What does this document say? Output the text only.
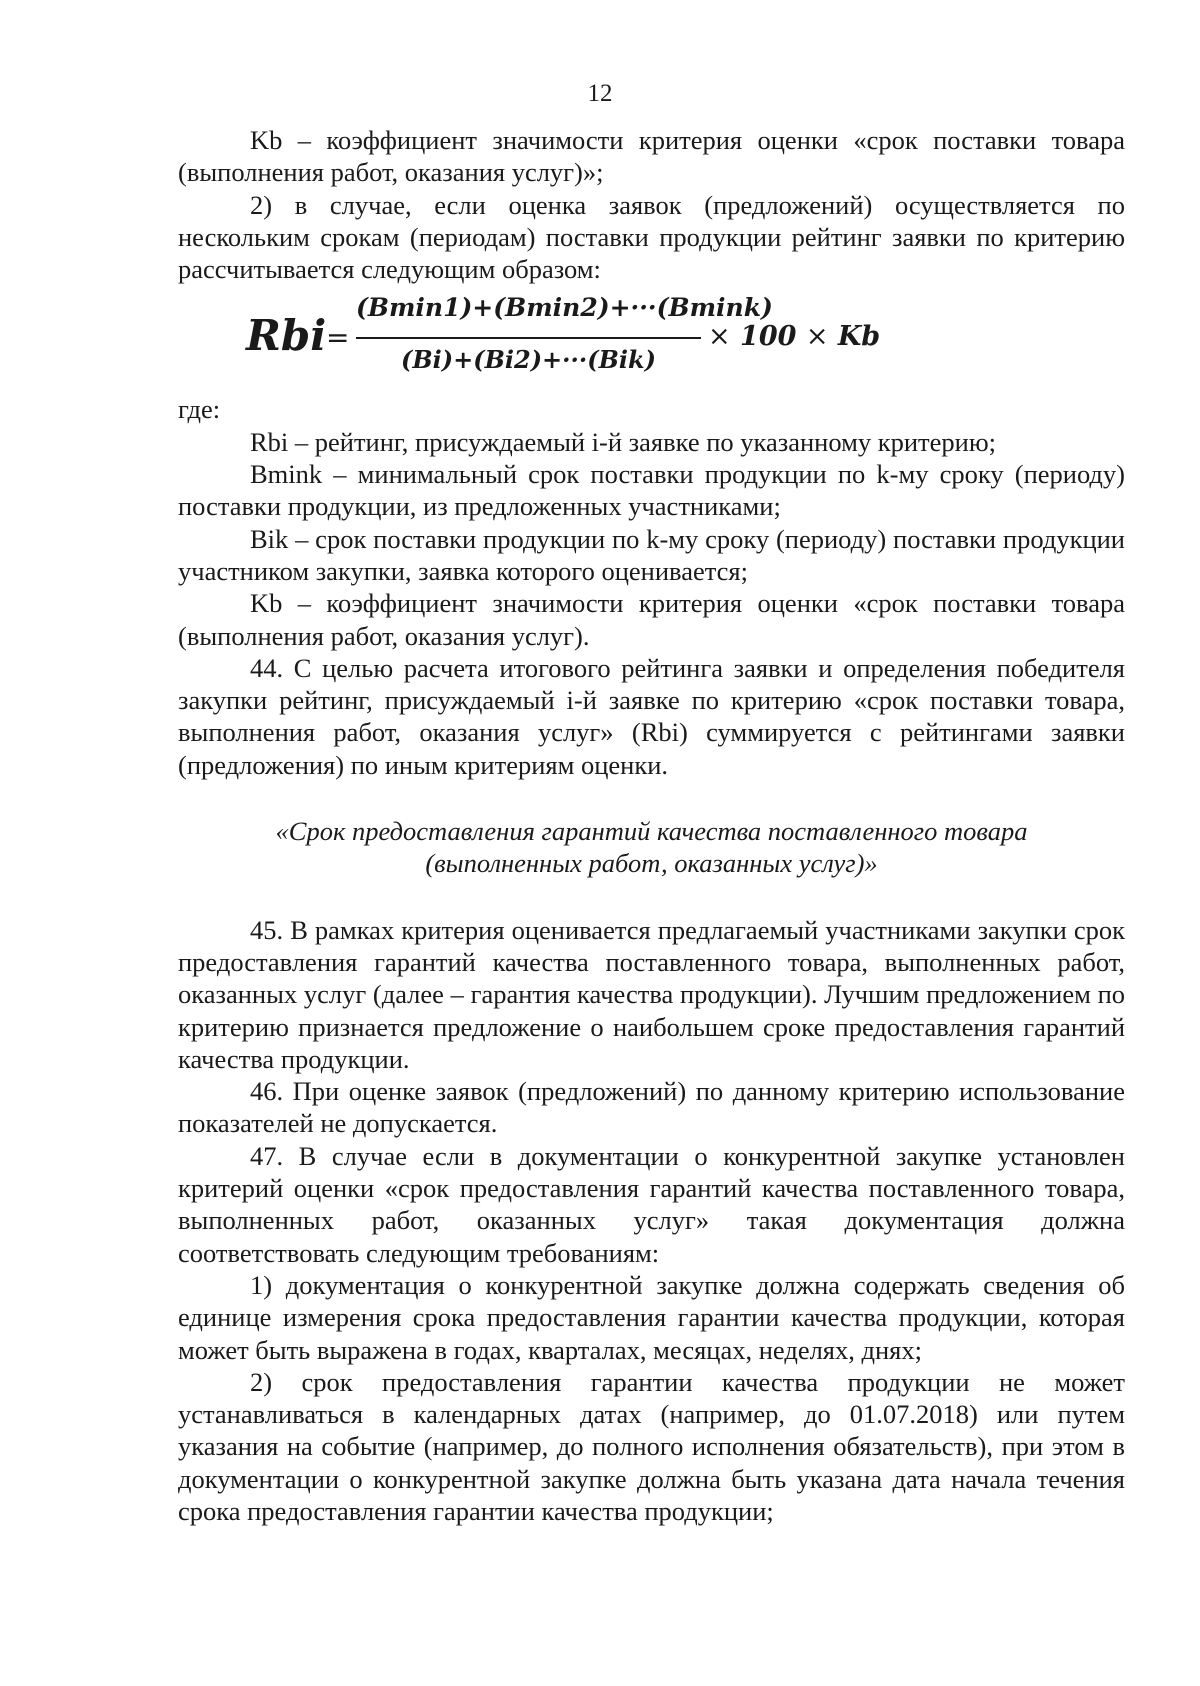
12

Kb – коэффициент значимости критерия оценки «срок поставки товара (выполнения работ, оказания услуг)»;

2) в случае, если оценка заявок (предложений) осуществляется по нескольким срокам (периодам) поставки продукции рейтинг заявки по критерию рассчитывается следующим образом:

Rbi =
(Bmin1)+(Bmin2)+···(Bmink)
(Bi)+(Bi2)+···(Bik)
× 100 × Kb

где:

Rbi – рейтинг, присуждаемый i-й заявке по указанному критерию;

Bmink – минимальный срок поставки продукции по k-му сроку (периоду) поставки продукции, из предложенных участниками;

Bik – срок поставки продукции по k-му сроку (периоду) поставки продукции участником закупки, заявка которого оценивается;

Kb – коэффициент значимости критерия оценки «срок поставки товара (выполнения работ, оказания услуг).

44. С целью расчета итогового рейтинга заявки и определения победителя закупки рейтинг, присуждаемый i-й заявке по критерию «срок поставки товара, выполнения работ, оказания услуг» (Rbi) суммируется с рейтингами заявки (предложения) по иным критериям оценки.

«Срок предоставления гарантий качества поставленного товара (выполненных работ, оказанных услуг)»

45. В рамках критерия оценивается предлагаемый участниками закупки срок предоставления гарантий качества поставленного товара, выполненных работ, оказанных услуг (далее – гарантия качества продукции). Лучшим предложением по критерию признается предложение о наибольшем сроке предоставления гарантий качества продукции.

46. При оценке заявок (предложений) по данному критерию использование показателей не допускается.

47. В случае если в документации о конкурентной закупке установлен критерий оценки «срок предоставления гарантий качества поставленного товара, выполненных работ, оказанных услуг» такая документация должна соответствовать следующим требованиям:

1) документация о конкурентной закупке должна содержать сведения об единице измерения срока предоставления гарантии качества продукции, которая может быть выражена в годах, кварталах, месяцах, неделях, днях;

2) срок предоставления гарантии качества продукции не может устанавливаться в календарных датах (например, до 01.07.2018) или путем указания на событие (например, до полного исполнения обязательств), при этом в документации о конкурентной закупке должна быть указана дата начала течения срока предоставления гарантии качества продукции;
